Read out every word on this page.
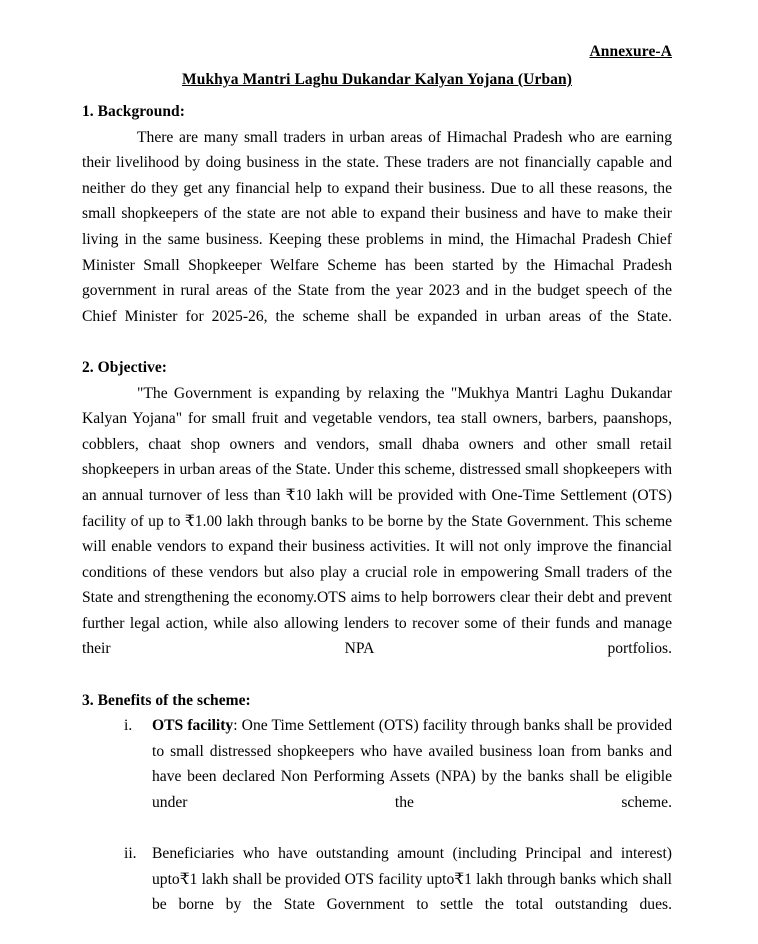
Annexure-A
Mukhya Mantri Laghu Dukandar Kalyan Yojana (Urban)
1. Background:

There are many small traders in urban areas of Himachal Pradesh who are earning their livelihood by doing business in the state. These traders are not financially capable and neither do they get any financial help to expand their business. Due to all these reasons, the small shopkeepers of the state are not able to expand their business and have to make their living in the same business. Keeping these problems in mind, the Himachal Pradesh Chief Minister Small Shopkeeper Welfare Scheme has been started by the Himachal Pradesh government in rural areas of the State from the year 2023 and in the budget speech of the Chief Minister for 2025-26, the scheme shall be expanded in urban areas of the State.

2. Objective:

"The Government is expanding by relaxing the "Mukhya Mantri Laghu Dukandar Kalyan Yojana" for small fruit and vegetable vendors, tea stall owners, barbers, paanshops, cobblers, chaat shop owners and vendors, small dhaba owners and other small retail shopkeepers in urban areas of the State. Under this scheme, distressed small shopkeepers with an annual turnover of less than ₹10 lakh will be provided with One-Time Settlement (OTS) facility of up to ₹1.00 lakh through banks to be borne by the State Government. This scheme will enable vendors to expand their business activities. It will not only improve the financial conditions of these vendors but also play a crucial role in empowering Small traders of the State and strengthening the economy.OTS aims to help borrowers clear their debt and prevent further legal action, while also allowing lenders to recover some of their funds and manage their NPA portfolios.

3. Benefits of the scheme:
i.	OTS facility: One Time Settlement (OTS) facility through banks shall be provided to small distressed shopkeepers who have availed business loan from banks and have been declared Non Performing Assets (NPA) by the banks shall be eligible under the scheme.
ii. Beneficiaries who have outstanding amount (including Principal and interest) upto₹1 lakh shall be provided OTS facility upto₹1 lakh through banks which shall be borne by the State Government to settle the total outstanding dues.
